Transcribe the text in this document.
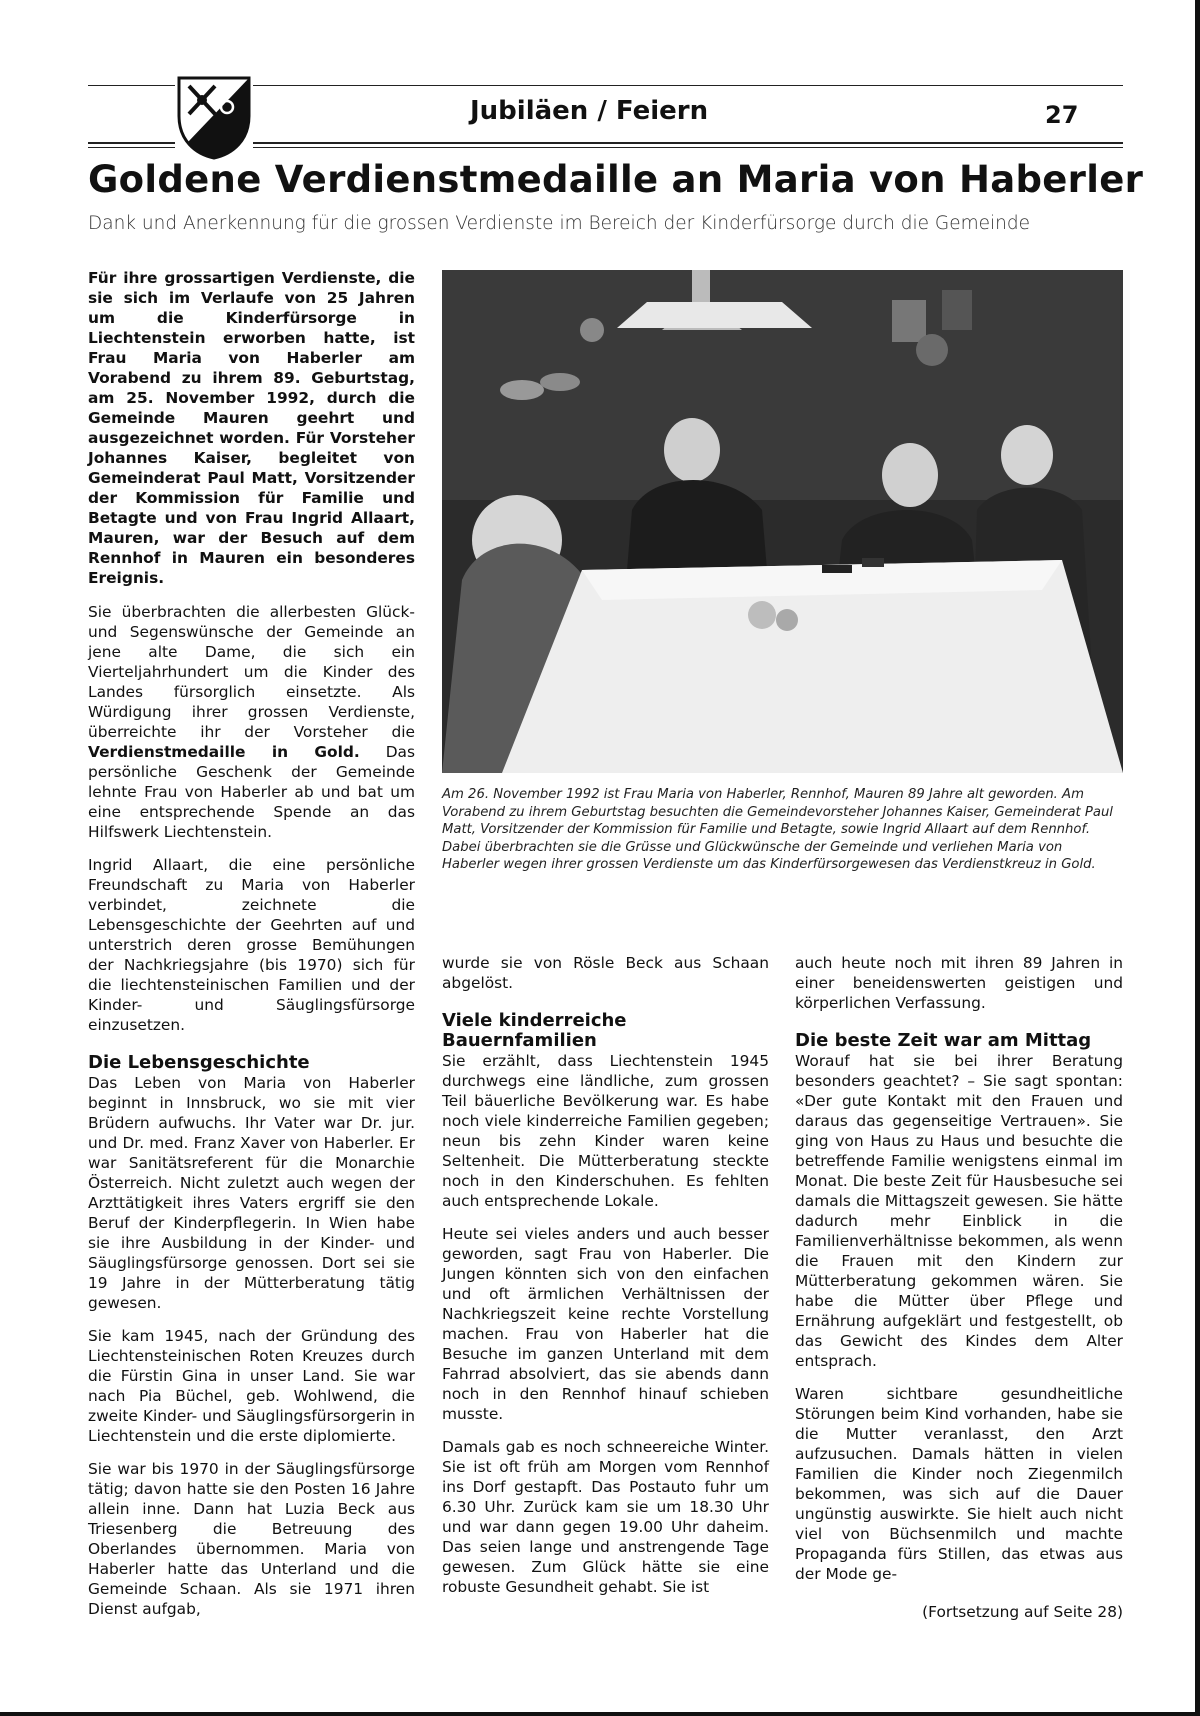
Jubiläen / Feiern	27
Goldene Verdienstmedaille an Maria von Haberler

Dank und Anerkennung für die grossen Verdienste im Bereich der Kinderfürsorge durch die Gemeinde

Für ihre grossartigen Verdienste, die sie sich im Verlaufe von 25 Jahren um die Kinderfürsorge in Liechtenstein erworben hatte, ist Frau Maria von Haberler am Vorabend zu ihrem 89. Geburtstag, am 25. November 1992, durch die Gemeinde Mauren geehrt und ausgezeichnet worden. Für Vorsteher Johannes Kaiser, begleitet von Gemeinderat Paul Matt, Vorsitzender der Kommission für Familie und Betagte und von Frau Ingrid Allaart, Mauren, war der Besuch auf dem Rennhof in Mauren ein besonderes Ereignis.

Sie überbrachten die allerbesten Glück- und Segenswünsche der Gemeinde an jene alte Dame, die sich ein Vierteljahrhundert um die Kinder des Landes fürsorglich einsetzte. Als Würdigung ihrer grossen Verdienste, überreichte ihr der Vorsteher die Verdienstmedaille in Gold. Das persönliche Geschenk der Gemeinde lehnte Frau von Haberler ab und bat um eine entsprechende Spende an das Hilfswerk Liechtenstein.

Ingrid Allaart, die eine persönliche Freundschaft zu Maria von Haberler verbindet, zeichnete die Lebensgeschichte der Geehrten auf und unterstrich deren grosse Bemühungen der Nachkriegsjahre (bis 1970) sich für die liechtensteinischen Familien und der Kinder- und Säuglingsfürsorge einzusetzen.

Die Lebensgeschichte

Das Leben von Maria von Haberler beginnt in Innsbruck, wo sie mit vier Brüdern aufwuchs. Ihr Vater war Dr. jur. und Dr. med. Franz Xaver von Haberler. Er war Sanitätsreferent für die Monarchie Österreich. Nicht zuletzt auch wegen der Arzttätigkeit ihres Vaters ergriff sie den Beruf der Kinderpflegerin. In Wien habe sie ihre Ausbildung in der Kinder- und Säuglingsfürsorge genossen. Dort sei sie 19 Jahre in der Mütterberatung tätig gewesen.

Sie kam 1945, nach der Gründung des Liechtensteinischen Roten Kreuzes durch die Fürstin Gina in unser Land. Sie war nach Pia Büchel, geb. Wohlwend, die zweite Kinder- und Säuglingsfürsorgerin in Liechtenstein und die erste diplomierte.

Sie war bis 1970 in der Säuglingsfürsorge tätig; davon hatte sie den Posten 16 Jahre allein inne. Dann hat Luzia Beck aus Triesenberg die Betreuung des Oberlandes übernommen. Maria von Haberler hatte das Unterland und die Gemeinde Schaan. Als sie 1971 ihren Dienst aufgab,

Am 26. November 1992 ist Frau Maria von Haberler, Rennhof, Mauren 89 Jahre alt geworden. Am Vorabend zu ihrem Geburtstag besuchten die Gemeindevorsteher Johannes Kaiser, Gemeinderat Paul Matt, Vorsitzender der Kommission für Familie und Betagte, sowie Ingrid Allaart auf dem Rennhof. Dabei überbrachten sie die Grüsse und Glückwünsche der Gemeinde und verliehen Maria von Haberler wegen ihrer grossen Verdienste um das Kinderfürsorgewesen das Verdienstkreuz in Gold.

wurde sie von Rösle Beck aus Schaan abgelöst.

Viele kinderreiche Bauernfamilien

Sie erzählt, dass Liechtenstein 1945 durchwegs eine ländliche, zum grossen Teil bäuerliche Bevölkerung war. Es habe noch viele kinderreiche Familien gegeben; neun bis zehn Kinder waren keine Seltenheit. Die Mütterberatung steckte noch in den Kinderschuhen. Es fehlten auch entsprechende Lokale.

Heute sei vieles anders und auch besser geworden, sagt Frau von Haberler. Die Jungen könnten sich von den einfachen und oft ärmlichen Verhältnissen der Nachkriegszeit keine rechte Vorstellung machen. Frau von Haberler hat die Besuche im ganzen Unterland mit dem Fahrrad absolviert, das sie abends dann noch in den Rennhof hinauf schieben musste.

Damals gab es noch schneereiche Winter. Sie ist oft früh am Morgen vom Rennhof ins Dorf gestapft. Das Postauto fuhr um 6.30 Uhr. Zurück kam sie um 18.30 Uhr und war dann gegen 19.00 Uhr daheim. Das seien lange und anstrengende Tage gewesen. Zum Glück hätte sie eine robuste Gesundheit gehabt. Sie ist

auch heute noch mit ihren 89 Jahren in einer beneidenswerten geistigen und körperlichen Verfassung.

Die beste Zeit war am Mittag

Worauf hat sie bei ihrer Beratung besonders geachtet? – Sie sagt spontan: «Der gute Kontakt mit den Frauen und daraus das gegenseitige Vertrauen». Sie ging von Haus zu Haus und besuchte die betreffende Familie wenigstens einmal im Monat. Die beste Zeit für Hausbesuche sei damals die Mittagszeit gewesen. Sie hätte dadurch mehr Einblick in die Familienverhältnisse bekommen, als wenn die Frauen mit den Kindern zur Mütterberatung gekommen wären. Sie habe die Mütter über Pflege und Ernährung aufgeklärt und festgestellt, ob das Gewicht des Kindes dem Alter entsprach.

Waren sichtbare gesundheitliche Störungen beim Kind vorhanden, habe sie die Mutter veranlasst, den Arzt aufzusuchen. Damals hätten in vielen Familien die Kinder noch Ziegenmilch bekommen, was sich auf die Dauer ungünstig auswirkte. Sie hielt auch nicht viel von Büchsenmilch und machte Propaganda fürs Stillen, das etwas aus der Mode ge-

(Fortsetzung auf Seite 28)
